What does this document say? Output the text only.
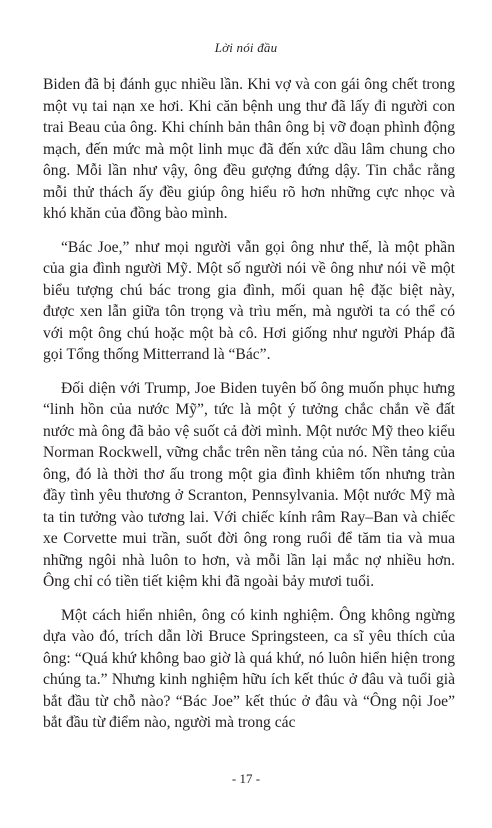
Lời nói đầu

Biden đã bị đánh gục nhiều lần. Khi vợ và con gái ông chết trong một vụ tai nạn xe hơi. Khi căn bệnh ung thư đã lấy đi người con trai Beau của ông. Khi chính bản thân ông bị vỡ đoạn phình động mạch, đến mức mà một linh mục đã đến xức dầu lâm chung cho ông. Mỗi lần như vậy, ông đều gượng đứng dậy. Tin chắc rằng mỗi thử thách ấy đều giúp ông hiểu rõ hơn những cực nhọc và khó khăn của đồng bào mình.

“Bác Joe,” như mọi người vẫn gọi ông như thế, là một phần của gia đình người Mỹ. Một số người nói về ông như nói về một biểu tượng chú bác trong gia đình, mối quan hệ đặc biệt này, được xen lẫn giữa tôn trọng và trìu mến, mà người ta có thể có với một ông chú hoặc một bà cô. Hơi giống như người Pháp đã gọi Tổng thống Mitterrand là “Bác”.

Đối diện với Trump, Joe Biden tuyên bố ông muốn phục hưng “linh hồn của nước Mỹ”, tức là một ý tưởng chắc chắn về đất nước mà ông đã bảo vệ suốt cả đời mình. Một nước Mỹ theo kiểu Norman Rockwell, vững chắc trên nền tảng của nó. Nền tảng của ông, đó là thời thơ ấu trong một gia đình khiêm tốn nhưng tràn đầy tình yêu thương ở Scranton, Pennsylvania. Một nước Mỹ mà ta tin tưởng vào tương lai. Với chiếc kính râm Ray–Ban và chiếc xe Corvette mui trần, suốt đời ông rong ruổi để tăm tia và mua những ngôi nhà luôn to hơn, và mỗi lần lại mắc nợ nhiều hơn. Ông chỉ có tiền tiết kiệm khi đã ngoài bảy mươi tuổi.

Một cách hiển nhiên, ông có kinh nghiệm. Ông không ngừng dựa vào đó, trích dẫn lời Bruce Springsteen, ca sĩ yêu thích của ông: “Quá khứ không bao giờ là quá khứ, nó luôn hiển hiện trong chúng ta.” Nhưng kinh nghiệm hữu ích kết thúc ở đâu và tuổi già bắt đầu từ chỗ nào? “Bác Joe” kết thúc ở đâu và “Ông nội Joe” bắt đầu từ điểm nào, người mà trong các

- 17 -
